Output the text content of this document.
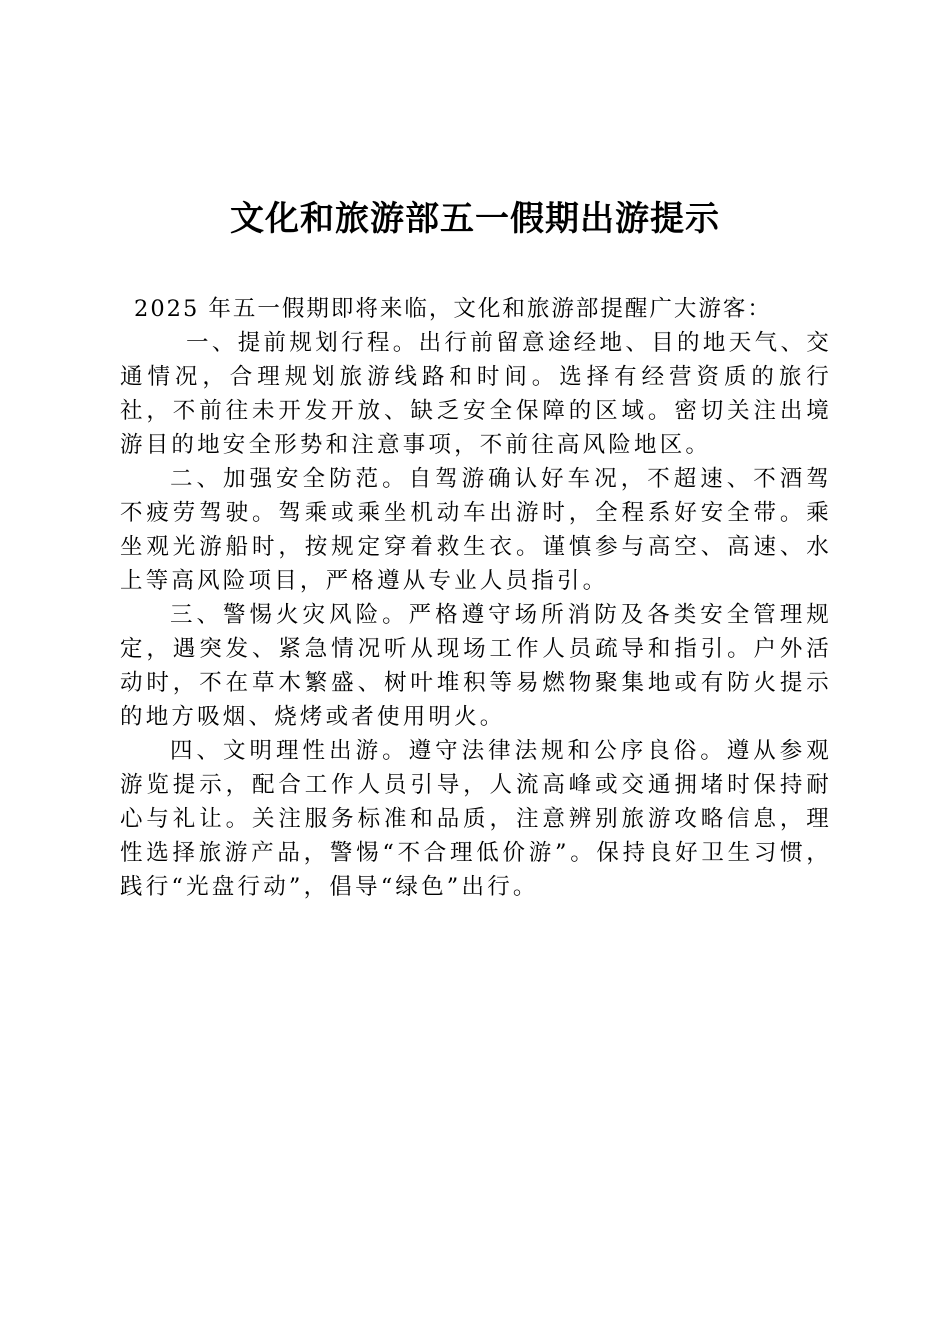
文化和旅游部五一假期出游提示

2025 年五一假期即将来临，文化和旅游部提醒广大游客：

一、提前规划行程。出行前留意途经地、目的地天气、交通情况，合理规划旅游线路和时间。选择有经营资质的旅行社，不前往未开发开放、缺乏安全保障的区域。密切关注出境游目的地安全形势和注意事项，不前往高风险地区。

二、加强安全防范。自驾游确认好车况，不超速、不酒驾不疲劳驾驶。驾乘或乘坐机动车出游时，全程系好安全带。乘坐观光游船时，按规定穿着救生衣。谨慎参与高空、高速、水上等高风险项目，严格遵从专业人员指引。

三、警惕火灾风险。严格遵守场所消防及各类安全管理规定，遇突发、紧急情况听从现场工作人员疏导和指引。户外活动时，不在草木繁盛、树叶堆积等易燃物聚集地或有防火提示的地方吸烟、烧烤或者使用明火。

四、文明理性出游。遵守法律法规和公序良俗。遵从参观游览提示，配合工作人员引导，人流高峰或交通拥堵时保持耐心与礼让。关注服务标准和品质，注意辨别旅游攻略信息，理性选择旅游产品，警惕“不合理低价游”。保持良好卫生习惯，践行“光盘行动”，倡导“绿色”出行。
